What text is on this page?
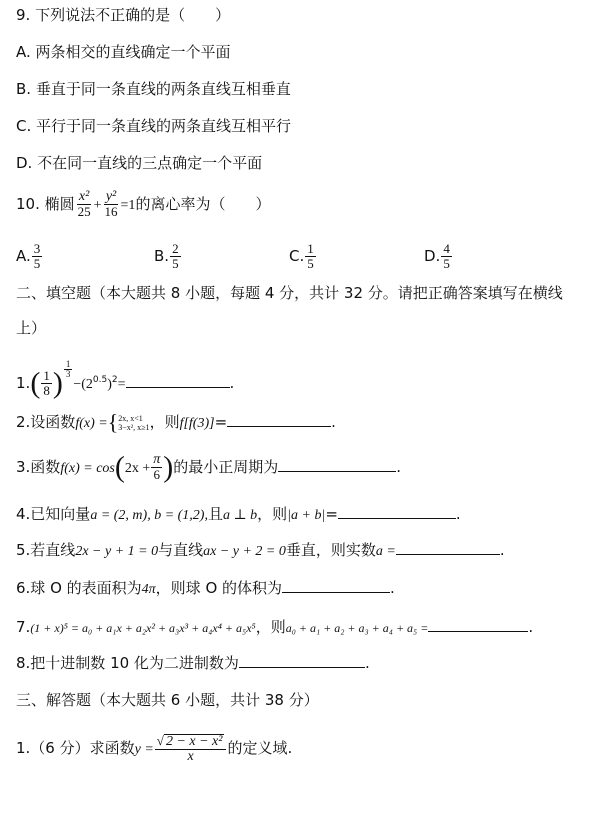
9. 下列说法不正确的是（　　）
A. 两条相交的直线确定一个平面
B. 垂直于同一条直线的两条直线互相垂直
C. 平行于同一条直线的两条直线互相平行
D. 不在同一直线的三点确定一个平面
10. 椭圆 $\frac{\text{x²}}{25} + \frac{\text{y²}}{16} =1$的离心率为（　　）
A. $\frac{3}{5}$	B. $\frac{2}{5}$	C. $\frac{1}{5}$	D. $\frac{4}{5}$
二、填空题（本大题共 8 小题，每题 4 分，共计 32 分。请把正确答案填写在横线
上）
$1.( \frac{1}{8}$ ) $\frac{1}{3}$
$-(2^{0.5})^2=$	.
2.设函数f(x) ={ 2x, x<1
3−x², x≥1 ，则f[f(3)]=	.
3.函数$f(x) = \cos(2x + \frac{\pi}{6}$ )的最小正周期为	.
4.已知向量a = (2, m), b = (1,2),且a ⊥ b，则|a + b|=	.
5.若直线2x − y + 1 = 0与直线ax − y + 2 = 0垂直，则实数a =	.
6.球 O 的表面积为4π，则球 O 的体积为	.
7.(1 + x)⁵ = a₀ + a₁x + a₂x² + a₃x³ + a₄x⁴ + a₅x⁵，则a₀ + a₁ + a₂ + a₃ + a₄ + a₅ =	.
8.把十进制数 10 化为二进制数为	.
三、解答题（本大题共 6 小题，共计 38 分）
1.（6 分）求函数$y = \frac{\text{√ 2 − x − x²}}{x}$ 的定义域.
